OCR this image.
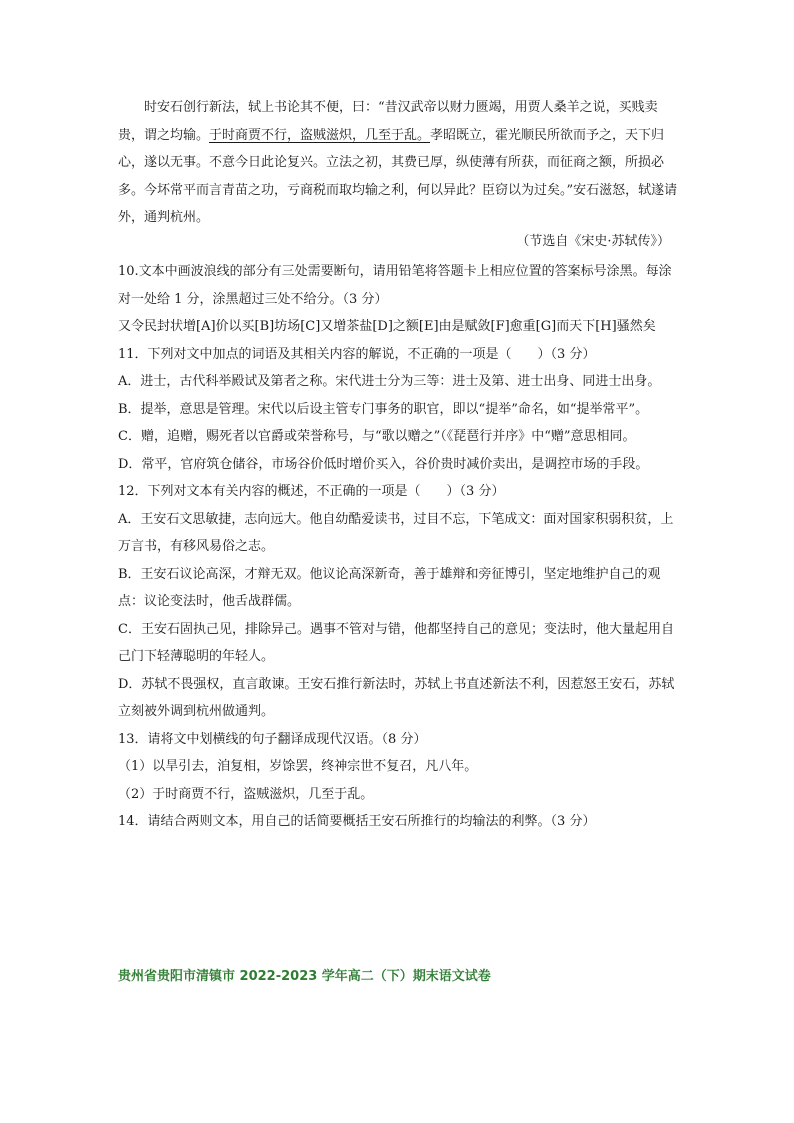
时安石创行新法，轼上书论其不便，曰：“昔汉武帝以财力匮竭，用贾人桑羊之说，买贱卖贵，谓之均输。于时商贾不行，盗贼滋炽，几至于乱。孝昭既立，霍光顺民所欲而予之，天下归心，遂以无事。不意今日此论复兴。立法之初，其费已厚，纵使薄有所获，而征商之额，所损必多。今坏常平而言青苗之功，亏商税而取均输之利，何以异此？臣窃以为过矣。”安石滋怒，轼遂请外，通判杭州。
（节选自《宋史·苏轼传》）

10.文本中画波浪线的部分有三处需要断句，请用铅笔将答题卡上相应位置的答案标号涂黑。每涂对一处给 1 分，涂黑超过三处不给分。（3 分）

又令民封状增[A]价以买[B]坊场[C]又增茶盐[D]之额[E]由是赋敛[F]愈重[G]而天下[H]骚然矣

11．下列对文中加点的词语及其相关内容的解说，不正确的一项是（　　）（3 分）

A．进士，古代科举殿试及第者之称。宋代进士分为三等：进士及第、进士出身、同进士出身。

B．提举，意思是管理。宋代以后设主管专门事务的职官，即以“提举”命名，如“提举常平”。

C．赠，追赠，赐死者以官爵或荣誉称号，与“歌以赠之”（《琵琶行并序》中“赠”意思相同。

D．常平，官府筑仓储谷，市场谷价低时增价买入，谷价贵时减价卖出，是调控市场的手段。

12．下列对文本有关内容的概述，不正确的一项是（　　）（3 分）

A．王安石文思敏捷，志向远大。他自幼酷爱读书，过目不忘，下笔成文：面对国家积弱积贫，上万言书，有移风易俗之志。

B．王安石议论高深，才辩无双。他议论高深新奇，善于雄辩和旁征博引，坚定地维护自己的观点：议论变法时，他舌战群儒。

C．王安石固执己见，排除异己。遇事不管对与错，他都坚持自己的意见；变法时，他大量起用自己门下轻薄聪明的年轻人。

D．苏轼不畏强权，直言敢谏。王安石推行新法时，苏轼上书直述新法不利，因惹怒王安石，苏轼立刻被外调到杭州做通判。

13．请将文中划横线的句子翻译成现代汉语。（8 分）

（1）以旱引去，洎复相，岁馀罢，终神宗世不复召，凡八年。

（2）于时商贾不行，盗贼滋炽，几至于乱。

14．请结合两则文本，用自己的话简要概括王安石所推行的均输法的利弊。（3 分）

贵州省贵阳市清镇市 2022-2023 学年高二（下）期末语文试卷
